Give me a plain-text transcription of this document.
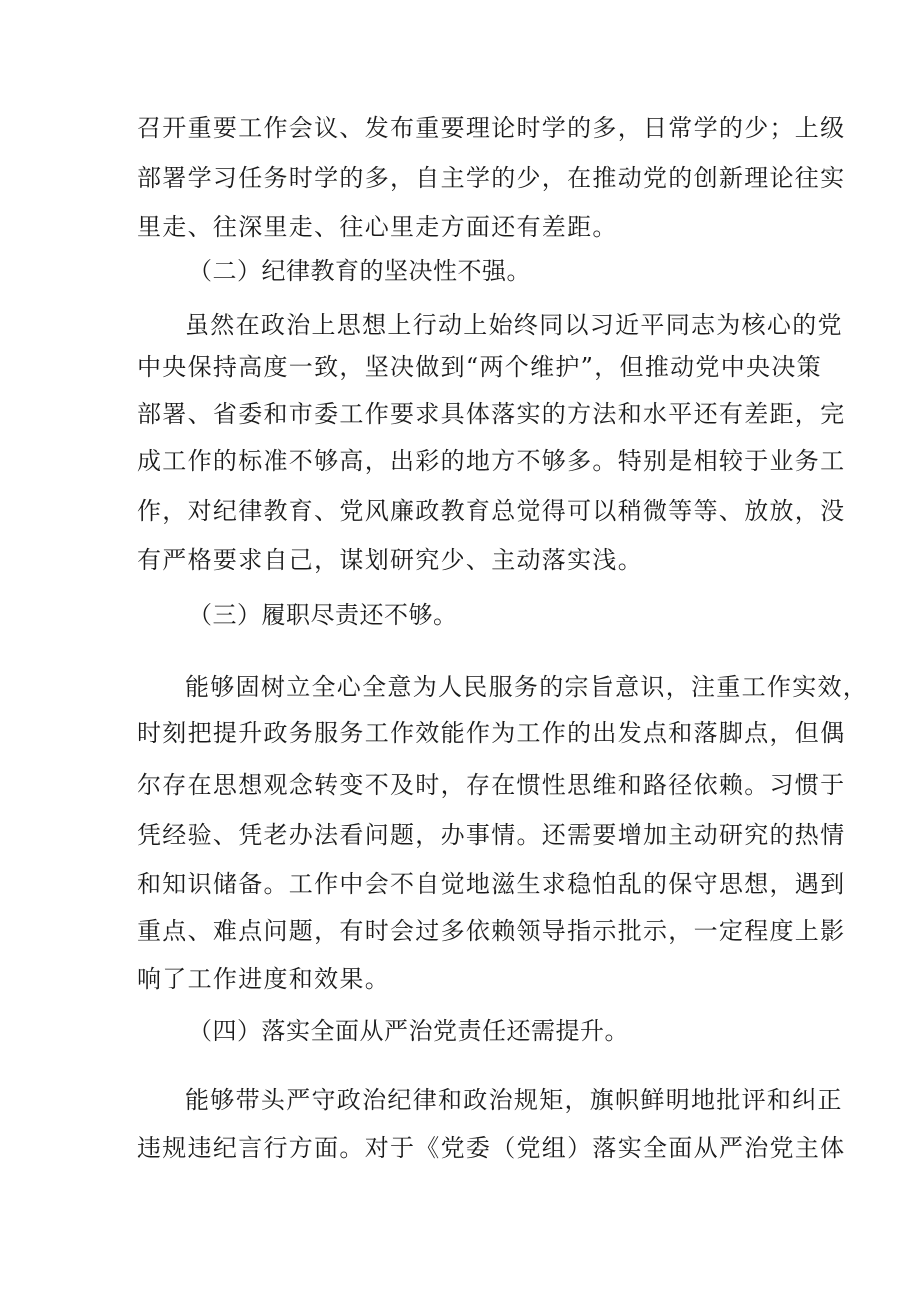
召开重要工作会议、发布重要理论时学的多，日常学的少；上级
部署学习任务时学的多，自主学的少，在推动党的创新理论往实
里走、往深里走、往心里走方面还有差距。
（二）纪律教育的坚决性不强。
虽然在政治上思想上行动上始终同以习近平同志为核心的党
中央保持高度一致，坚决做到“两个维护”，但推动党中央决策
部署、省委和市委工作要求具体落实的方法和水平还有差距，完
成工作的标准不够高，出彩的地方不够多。特别是相较于业务工
作，对纪律教育、党风廉政教育总觉得可以稍微等等、放放，没
有严格要求自己，谋划研究少、主动落实浅。
（三）履职尽责还不够。
能够固树立全心全意为人民服务的宗旨意识，注重工作实效，
时刻把提升政务服务工作效能作为工作的出发点和落脚点，但偶
尔存在思想观念转变不及时，存在惯性思维和路径依赖。习惯于
凭经验、凭老办法看问题，办事情。还需要增加主动研究的热情
和知识储备。工作中会不自觉地滋生求稳怕乱的保守思想，遇到
重点、难点问题，有时会过多依赖领导指示批示，一定程度上影
响了工作进度和效果。
（四）落实全面从严治党责任还需提升。
能够带头严守政治纪律和政治规矩，旗帜鲜明地批评和纠正
违规违纪言行方面。对于《党委（党组）落实全面从严治党主体
